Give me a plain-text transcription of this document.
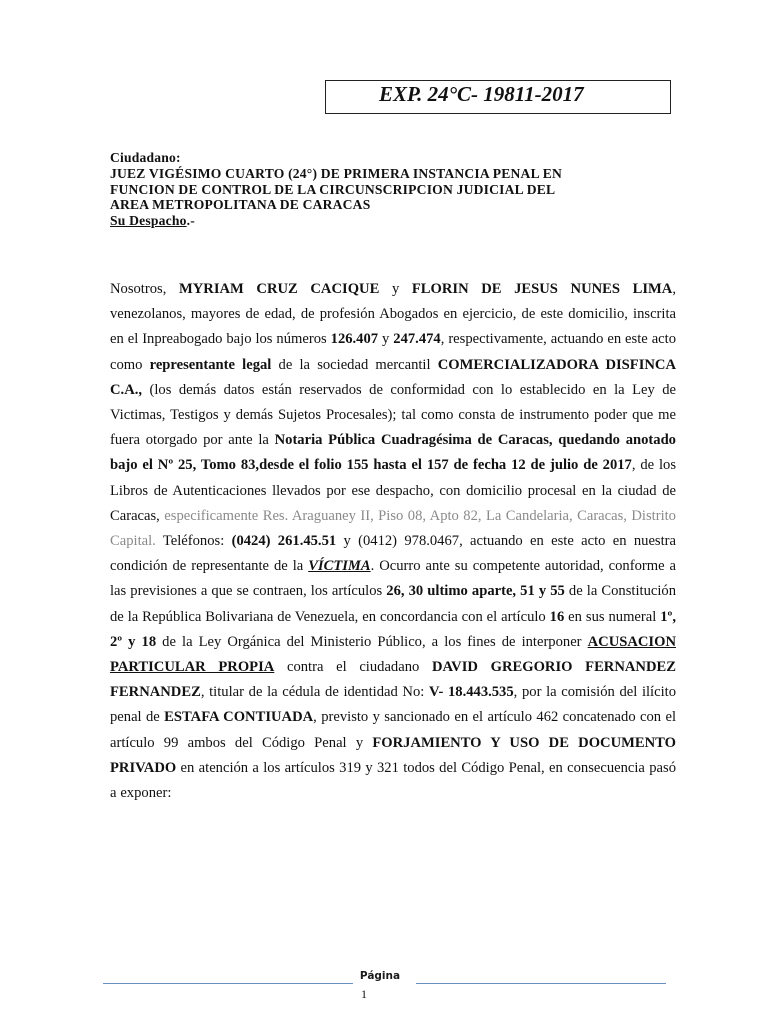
EXP. 24°C- 19811-2017
Ciudadano:
JUEZ VIGÉSIMO CUARTO (24°) DE PRIMERA INSTANCIA PENAL EN
FUNCION DE CONTROL DE LA CIRCUNSCRIPCION JUDICIAL DEL
AREA METROPOLITANA DE CARACAS
Su Despacho.-
Nosotros, MYRIAM CRUZ CACIQUE y FLORIN DE JESUS NUNES LIMA, venezolanos, mayores de edad, de profesión Abogados en ejercicio, de este domicilio, inscrita en el Inpreabogado bajo los números 126.407 y 247.474, respectivamente, actuando en este acto como representante legal de la sociedad mercantil COMERCIALIZADORA DISFINCA C.A., (los demás datos están reservados de conformidad con lo establecido en la Ley de Victimas, Testigos y demás Sujetos Procesales); tal como consta de instrumento poder que me fuera otorgado por ante la Notaria Pública Cuadragésima de Caracas, quedando anotado bajo el Nº 25, Tomo 83,desde el folio 155 hasta el 157 de fecha 12 de julio de 2017, de los Libros de Autenticaciones llevados por ese despacho, con domicilio procesal en la ciudad de Caracas, especificamente Res. Araguaney II, Piso 08, Apto 82, La Candelaria, Caracas, Distrito Capital. Teléfonos: (0424) 261.45.51 y (0412) 978.0467, actuando en este acto en nuestra condición de representante de la VÍCTIMA. Ocurro ante su competente autoridad, conforme a las previsiones a que se contraen, los artículos 26, 30 ultimo aparte, 51 y 55 de la Constitución de la República Bolivariana de Venezuela, en concordancia con el artículo 16 en sus numeral 1º, 2º y 18 de la Ley Orgánica del Ministerio Público, a los fines de interponer ACUSACION PARTICULAR PROPIA contra el ciudadano DAVID GREGORIO FERNANDEZ FERNANDEZ, titular de la cédula de identidad No: V- 18.443.535, por la comisión del ilícito penal de ESTAFA CONTIUADA, previsto y sancionado en el artículo 462 concatenado con el artículo 99 ambos del Código Penal y FORJAMIENTO Y USO DE DOCUMENTO PRIVADO en atención a los artículos 319 y 321 todos del Código Penal, en consecuencia pasó a exponer:
Página
1
